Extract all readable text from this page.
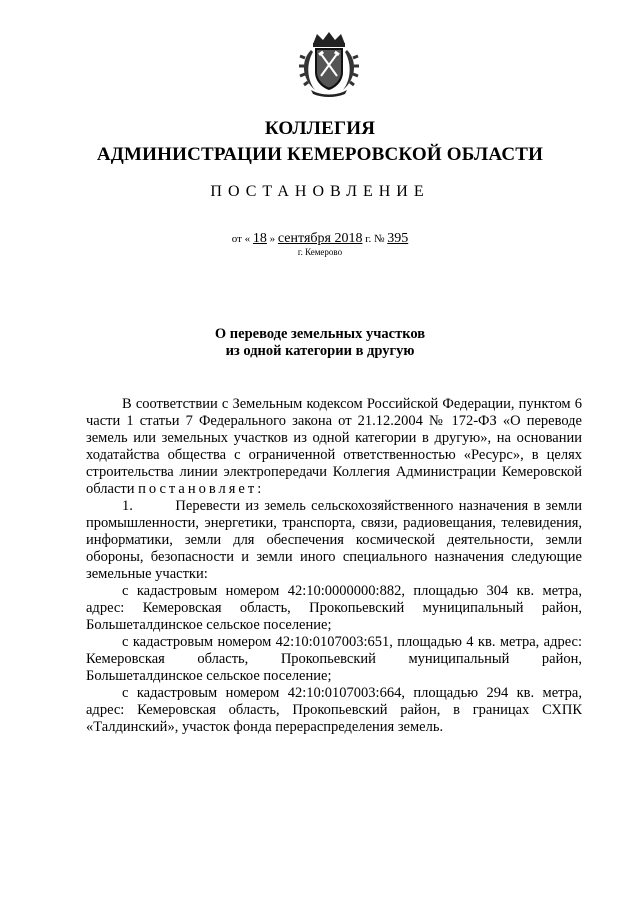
КОЛЛЕГИЯ
АДМИНИСТРАЦИИ КЕМЕРОВСКОЙ ОБЛАСТИ
ПОСТАНОВЛЕНИЕ
от « 18 » сентября 2018 г. № 395
г. Кемерово
О переводе земельных участков
из одной категории в другую

В соответствии с Земельным кодексом Российской Федерации, пунктом 6 части 1 статьи 7 Федерального закона от 21.12.2004 № 172-ФЗ «О переводе земель или земельных участков из одной категории в другую», на основании ходатайства общества с ограниченной ответственностью «Ресурс», в целях строительства линии электропередачи Коллегия Администрации Кемеровской области постановляет:

1.        Перевести из земель сельскохозяйственного назначения в земли промышленности, энергетики, транспорта, связи, радиовещания, телевидения, информатики, земли для обеспечения космической деятельности, земли обороны, безопасности и земли иного специального назначения следующие земельные участки:

с кадастровым номером 42:10:0000000:882, площадью 304 кв. метра, адрес: Кемеровская область, Прокопьевский муниципальный район, Большеталдинское сельское поселение;

с кадастровым номером 42:10:0107003:651, площадью 4 кв. метра, адрес: Кемеровская область, Прокопьевский муниципальный район, Большеталдинское сельское поселение;

с кадастровым номером 42:10:0107003:664, площадью 294 кв. метра, адрес: Кемеровская область, Прокопьевский район, в границах СХПК «Талдинский», участок фонда перераспределения земель.
